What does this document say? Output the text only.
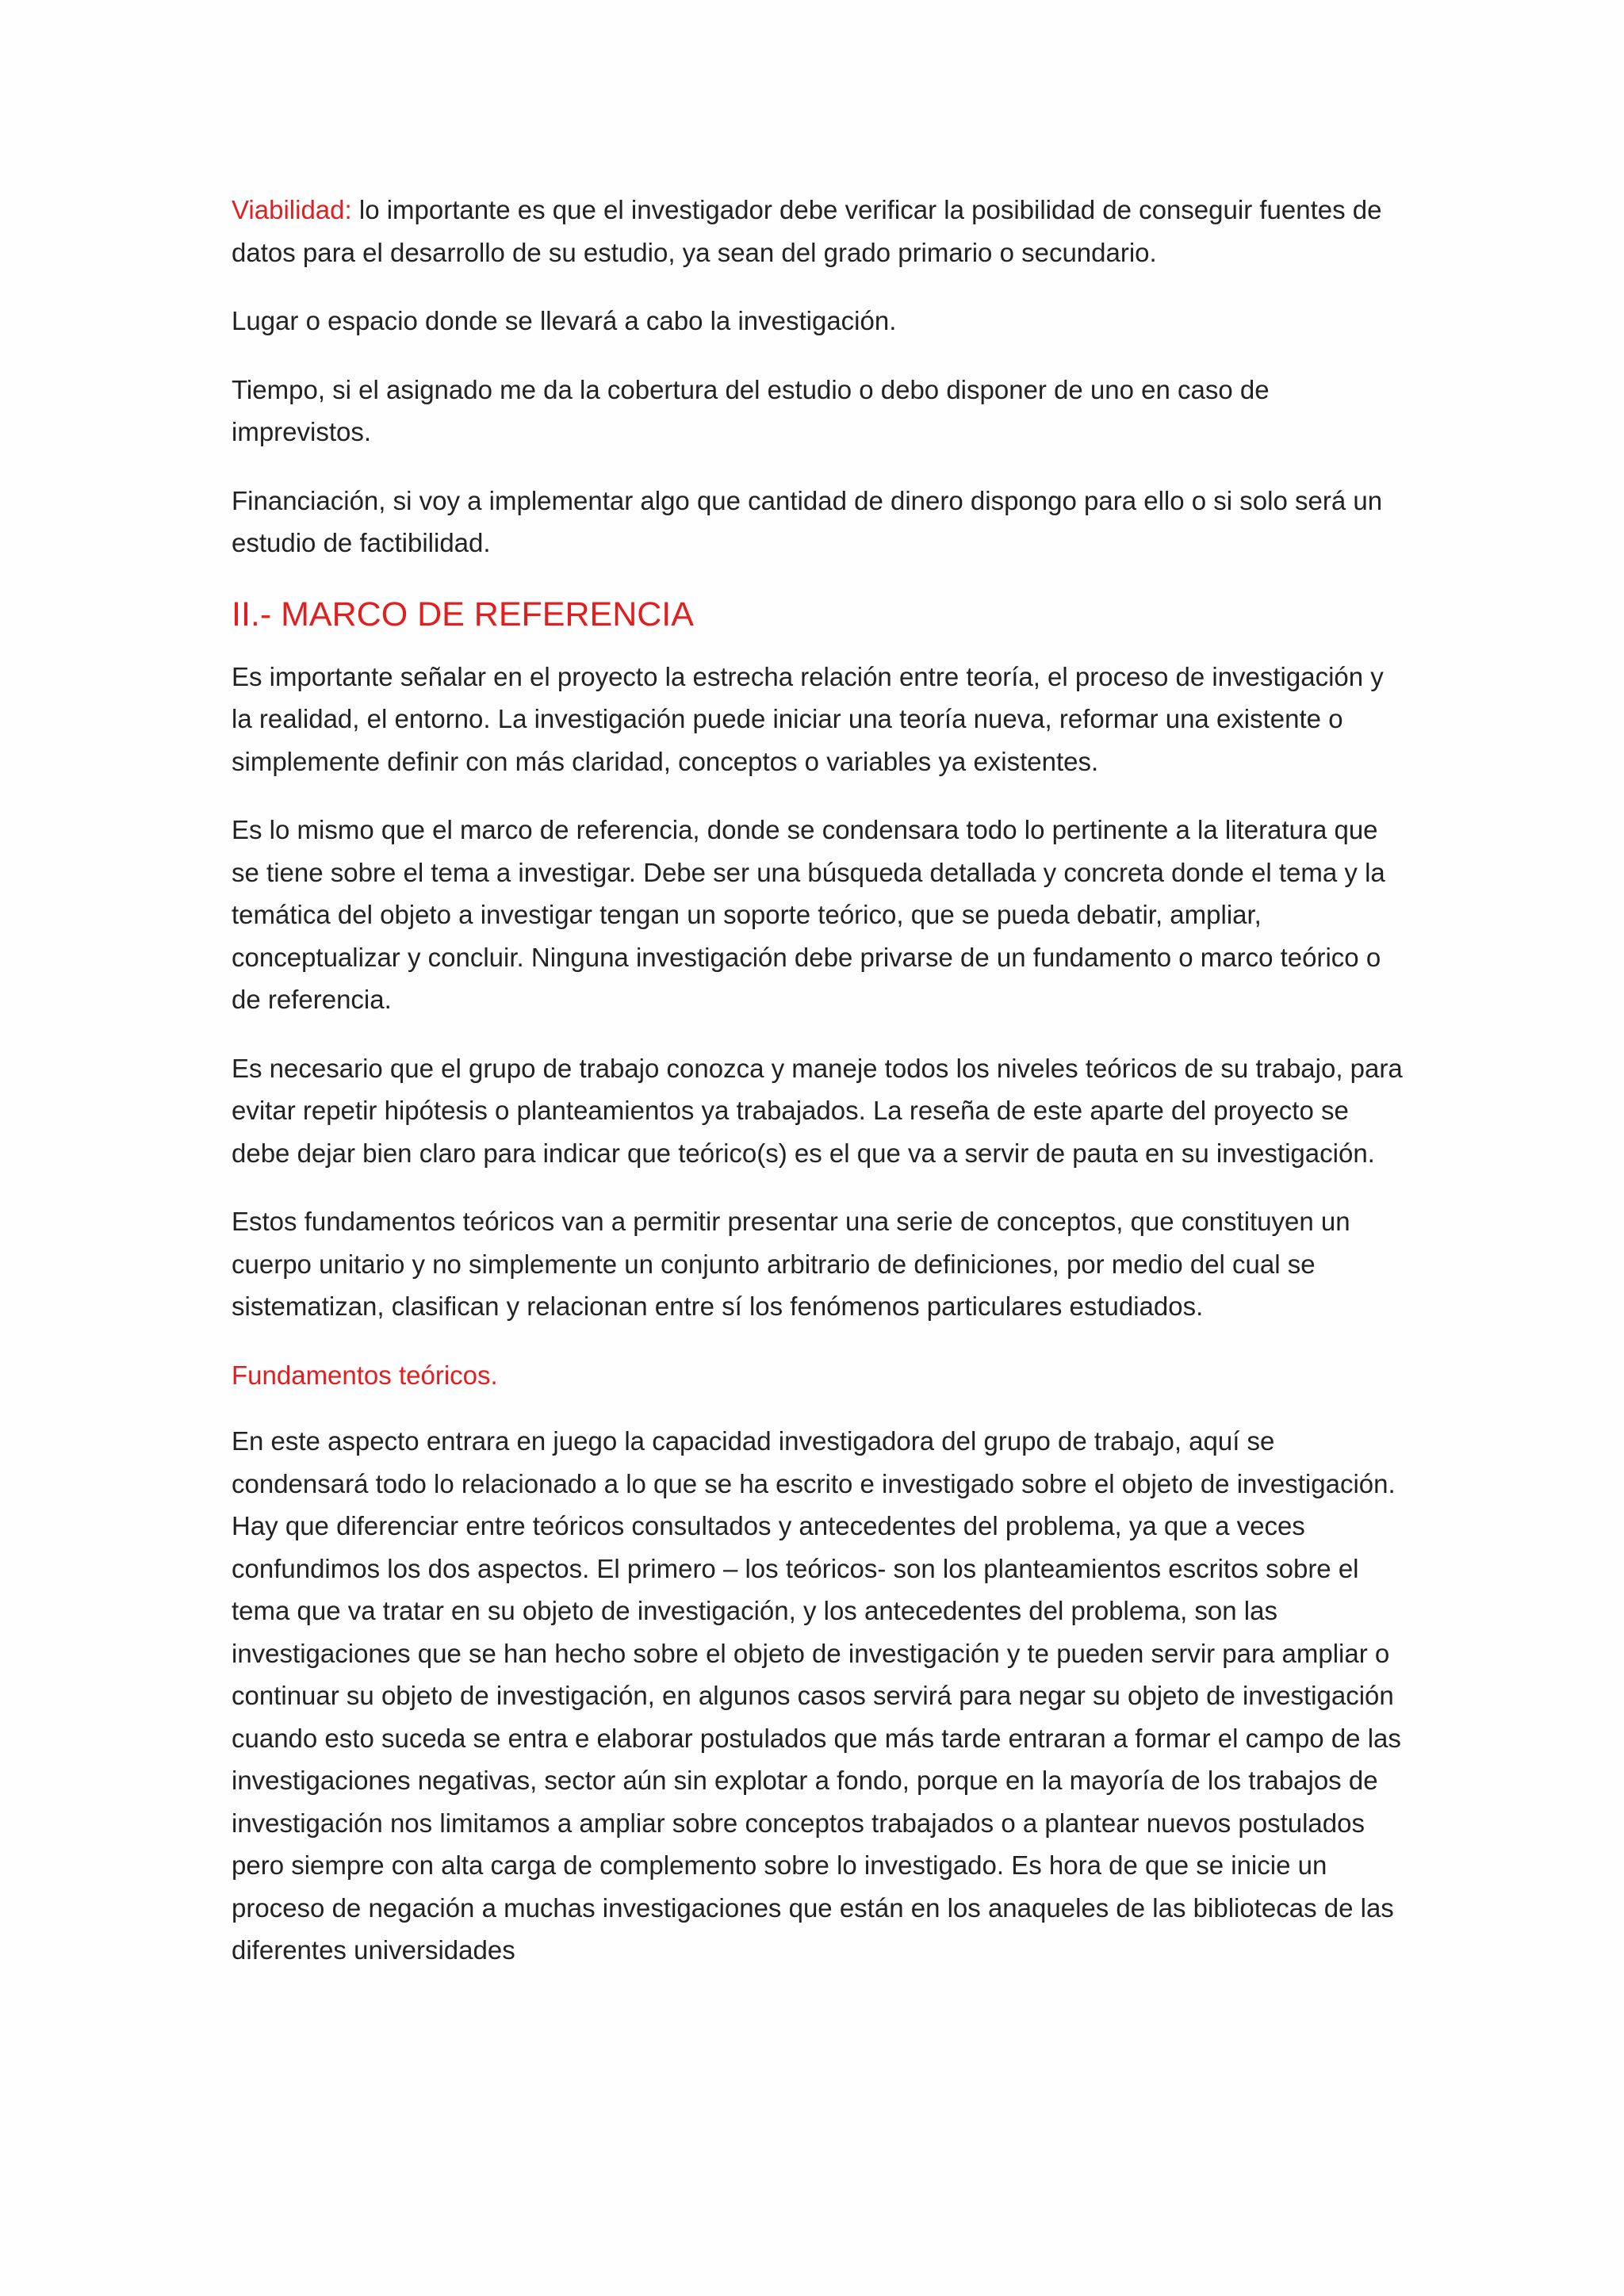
Viabilidad: lo importante es que el investigador debe verificar la posibilidad de conseguir fuentes de datos para el desarrollo de su estudio, ya sean del grado primario o secundario.

Lugar o espacio donde se llevará a cabo la investigación.

Tiempo, si el asignado me da la cobertura del estudio o debo disponer de uno en caso de imprevistos.

Financiación, si voy a implementar algo que cantidad de dinero dispongo para ello o si solo será un estudio de factibilidad.

II.- MARCO DE REFERENCIA

Es importante señalar en el proyecto la estrecha relación entre teoría, el proceso de investigación y la realidad, el entorno. La investigación puede iniciar una teoría nueva, reformar una existente o simplemente definir con más claridad, conceptos o variables ya existentes.

Es lo mismo que el marco de referencia, donde se condensara todo lo pertinente a la literatura que se tiene sobre el tema a investigar. Debe ser una búsqueda detallada y concreta donde el tema y la temática del objeto a investigar tengan un soporte teórico, que se pueda debatir, ampliar, conceptualizar y concluir. Ninguna investigación debe privarse de un fundamento o marco teórico o de referencia.

Es necesario que el grupo de trabajo conozca y maneje todos los niveles teóricos de su trabajo, para evitar repetir hipótesis o planteamientos ya trabajados. La reseña de este aparte del proyecto se debe dejar bien claro para indicar que teórico(s) es el que va a servir de pauta en su investigación.

Estos fundamentos teóricos van a permitir presentar una serie de conceptos, que constituyen un cuerpo unitario y no simplemente un conjunto arbitrario de definiciones, por medio del cual se sistematizan, clasifican y relacionan entre sí los fenómenos particulares estudiados.

Fundamentos teóricos.

En este aspecto entrara en juego la capacidad investigadora del grupo de trabajo, aquí se condensará todo lo relacionado a lo que se ha escrito e investigado sobre el objeto de investigación. Hay que diferenciar entre teóricos consultados y antecedentes del problema, ya que a veces confundimos los dos aspectos. El primero – los teóricos- son los planteamientos escritos sobre el tema que va tratar en su objeto de investigación, y los antecedentes del problema, son las investigaciones que se han hecho sobre el objeto de investigación y te pueden servir para ampliar o continuar su objeto de investigación, en algunos casos servirá para negar su objeto de investigación cuando esto suceda se entra e elaborar postulados que más tarde entraran a formar el campo de las investigaciones negativas, sector aún sin explotar a fondo, porque en la mayoría de los trabajos de investigación nos limitamos a ampliar sobre conceptos trabajados o a plantear nuevos postulados pero siempre con alta carga de complemento sobre lo investigado. Es hora de que se inicie un proceso de negación a muchas investigaciones que están en los anaqueles de las bibliotecas de las diferentes universidades
